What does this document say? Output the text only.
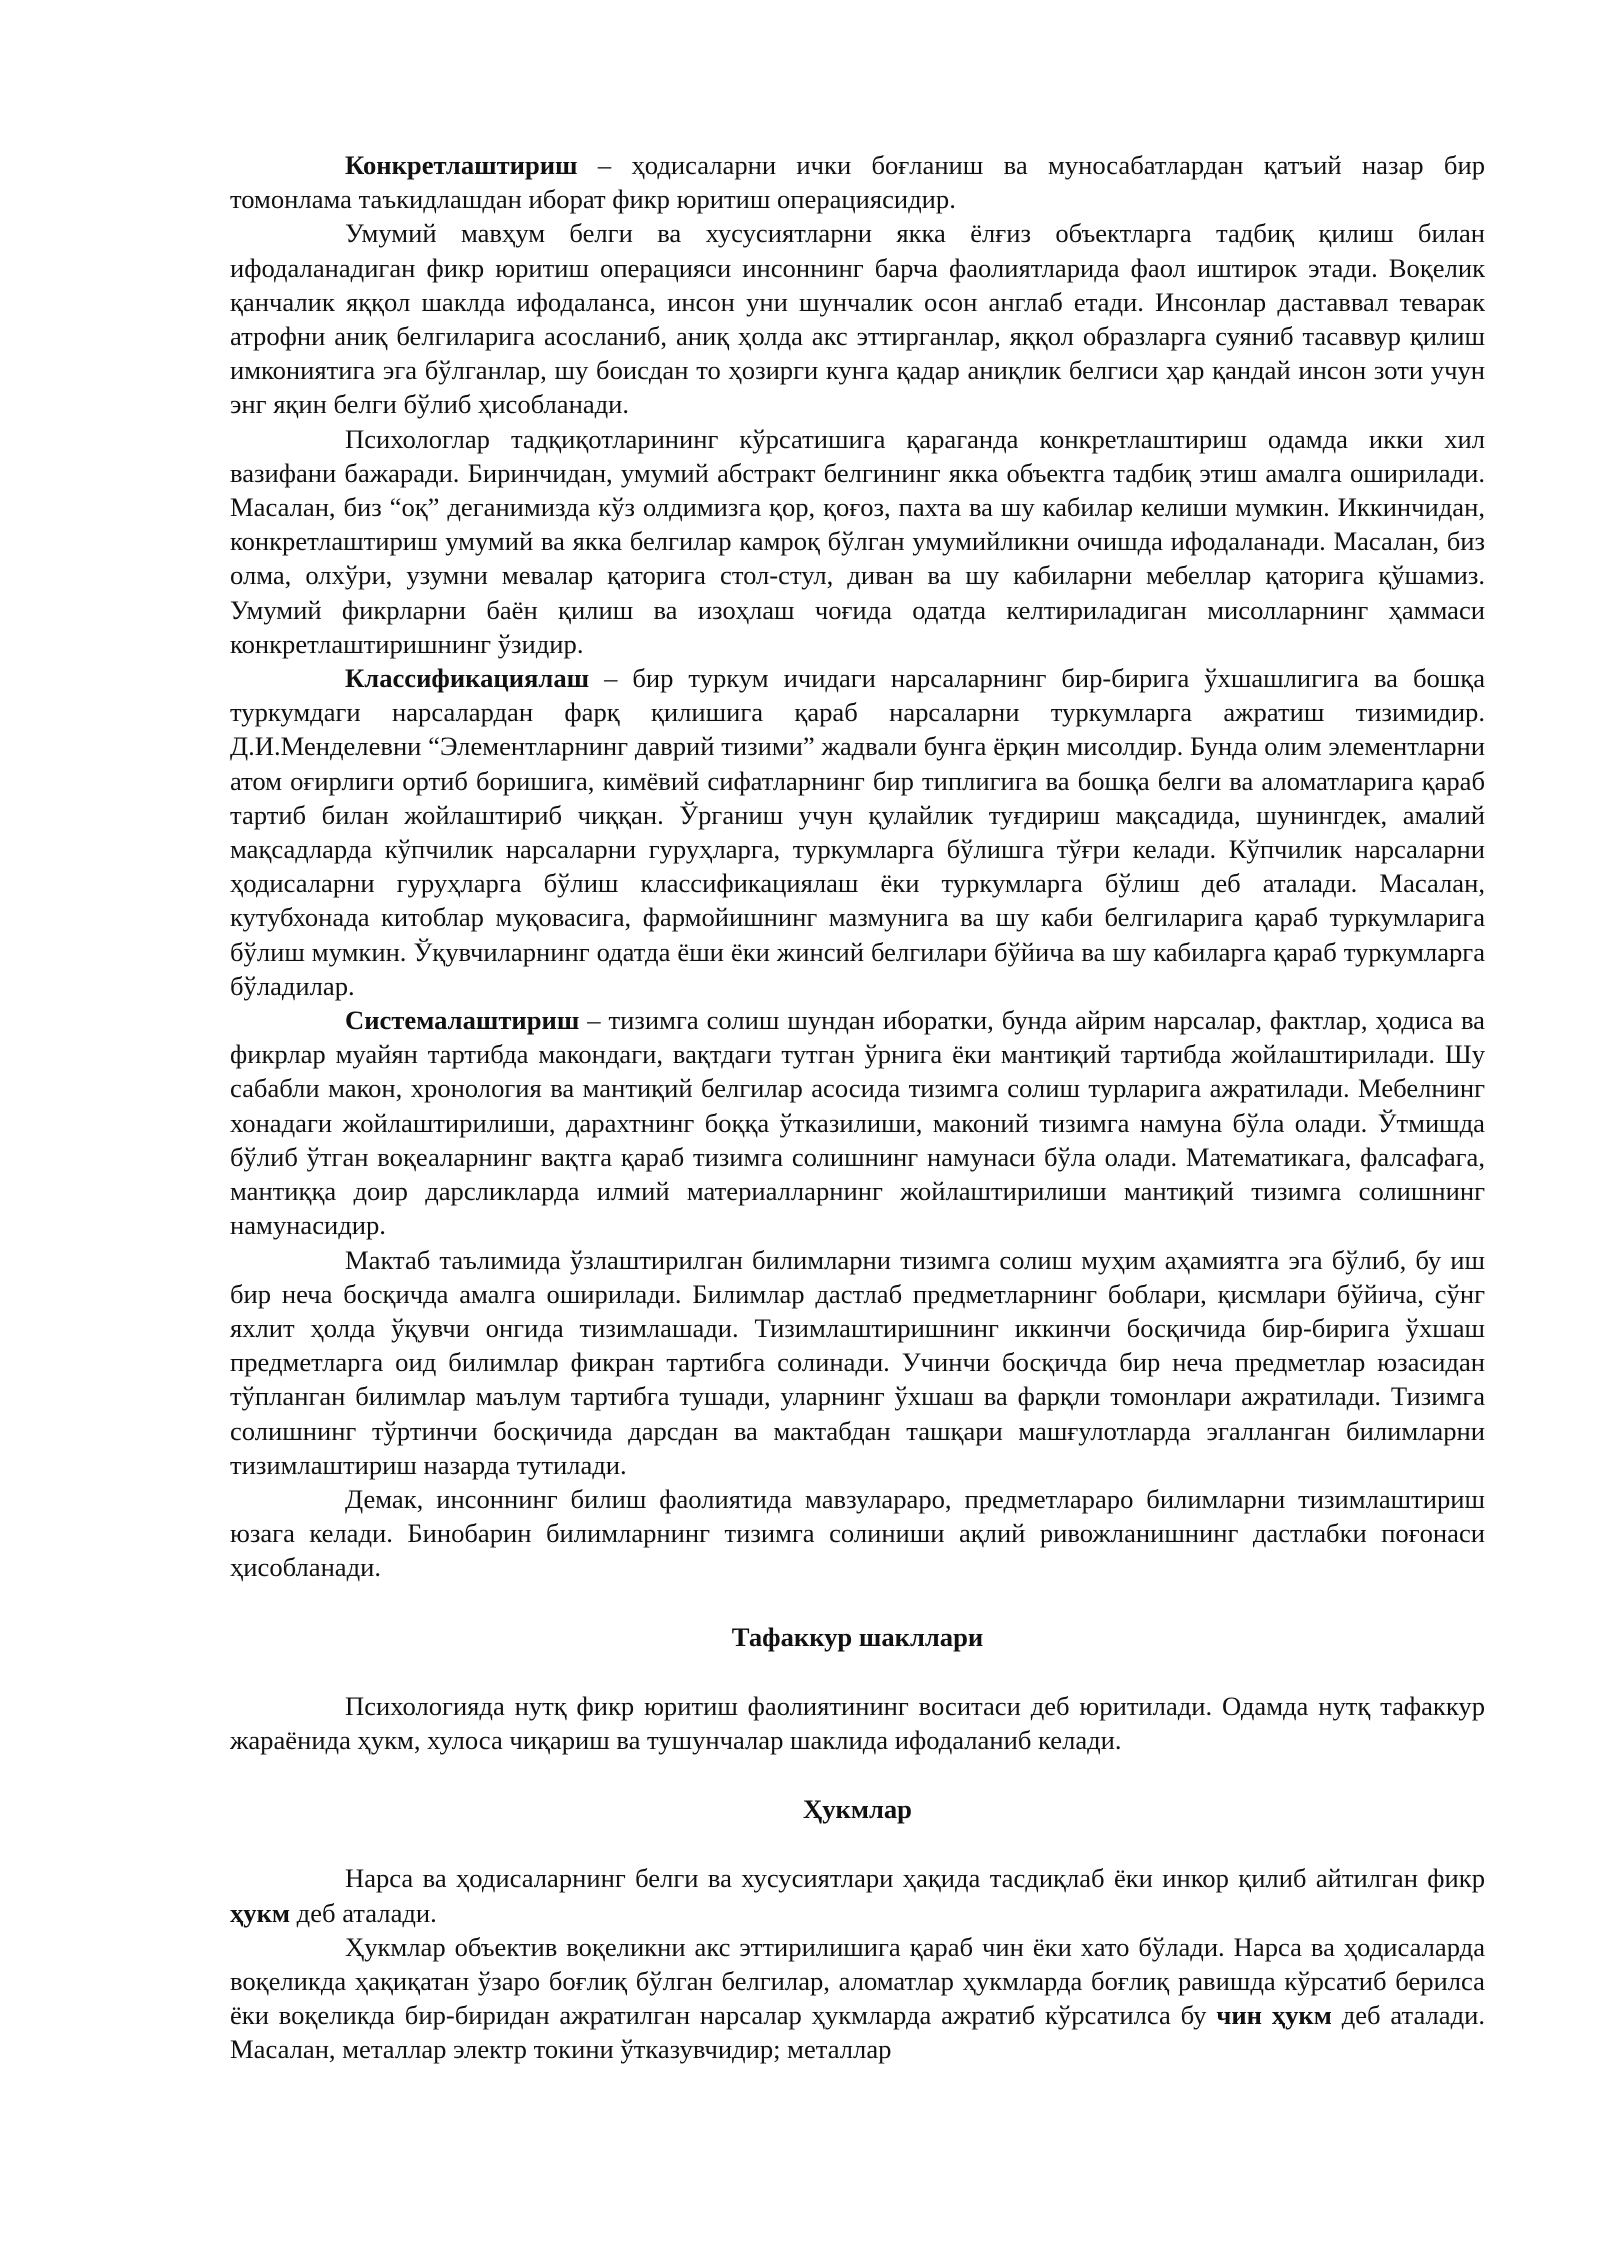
Конкретлаштириш – ҳодисаларни ички боғланиш ва муносабатлардан қатъий назар бир томонлама таъкидлашдан иборат фикр юритиш операциясидир.

Умумий мавҳум белги ва хусусиятларни якка ёлғиз объектларга тадбиқ қилиш билан ифодаланадиган фикр юритиш операцияси инсоннинг барча фаолиятларида фаол иштирок этади. Воқелик қанчалик яққол шаклда ифодаланса, инсон уни шунчалик осон англаб етади. Инсонлар даставвал теварак атрофни аниқ белгиларига асосланиб, аниқ ҳолда акс эттирганлар, яққол образларга суяниб тасаввур қилиш имкониятига эга бўлганлар, шу боисдан то ҳозирги кунга қадар аниқлик белгиси ҳар қандай инсон зоти учун энг яқин белги бўлиб ҳисобланади.

Психологлар тадқиқотларининг кўрсатишига қараганда конкретлаштириш одамда икки хил вазифани бажаради. Биринчидан, умумий абстракт белгининг якка объектга тадбиқ этиш амалга оширилади. Масалан, биз “оқ” деганимизда кўз олдимизга қор, қоғоз, пахта ва шу кабилар келиши мумкин. Иккинчидан, конкретлаштириш умумий ва якка белгилар камроқ бўлган умумийликни очишда ифодаланади. Масалан, биз олма, олхўри, узумни мевалар қаторига стол-стул, диван ва шу кабиларни мебеллар қаторига қўшамиз. Умумий фикрларни баён қилиш ва изоҳлаш чоғида одатда келтириладиган мисолларнинг ҳаммаси конкретлаштиришнинг ўзидир.

Классификациялаш – бир туркум ичидаги нарсаларнинг бир-бирига ўхшашлигига ва бошқа туркумдаги нарсалардан фарқ қилишига қараб нарсаларни туркумларга ажратиш тизимидир. Д.И.Менделевни “Элементларнинг даврий тизими” жадвали бунга ёрқин мисолдир. Бунда олим элементларни атом оғирлиги ортиб боришига, кимёвий сифатларнинг бир типлигига ва бошқа белги ва аломатларига қараб тартиб билан жойлаштириб чиққан. Ўрганиш учун қулайлик туғдириш мақсадида, шунингдек, амалий мақсадларда кўпчилик нарсаларни гуруҳларга, туркумларга бўлишга тўғри келади. Кўпчилик нарсаларни ҳодисаларни гуруҳларга бўлиш классификациялаш ёки туркумларга бўлиш деб аталади. Масалан, кутубхонада китоблар муқовасига, фармойишнинг мазмунига ва шу каби белгиларига қараб туркумларига бўлиш мумкин. Ўқувчиларнинг одатда ёши ёки жинсий белгилари бўйича ва шу кабиларга қараб туркумларга бўладилар.

Системалаштириш – тизимга солиш шундан иборатки, бунда айрим нарсалар, фактлар, ҳодиса ва фикрлар муайян тартибда макондаги, вақтдаги тутган ўрнига ёки мантиқий тартибда жойлаштирилади. Шу сабабли макон, хронология ва мантиқий белгилар асосида тизимга солиш турларига ажратилади. Мебелнинг хонадаги жойлаштирилиши, дарахтнинг боққа ўтказилиши, маконий тизимга намуна бўла олади. Ўтмишда бўлиб ўтган воқеаларнинг вақтга қараб тизимга солишнинг намунаси бўла олади. Математикага, фалсафага, мантиққа доир дарсликларда илмий материалларнинг жойлаштирилиши мантиқий тизимга солишнинг намунасидир.

Мактаб таълимида ўзлаштирилган билимларни тизимга солиш муҳим аҳамиятга эга бўлиб, бу иш бир неча босқичда амалга оширилади. Билимлар дастлаб предметларнинг боблари, қисмлари бўйича, сўнг яхлит ҳолда ўқувчи онгида тизимлашади. Тизимлаштиришнинг иккинчи босқичида бир-бирига ўхшаш предметларга оид билимлар фикран тартибга солинади. Учинчи босқичда бир неча предметлар юзасидан тўпланган билимлар маълум тартибга тушади, уларнинг ўхшаш ва фарқли томонлари ажратилади. Тизимга солишнинг тўртинчи босқичида дарсдан ва мактабдан ташқари машғулотларда эгалланган билимларни тизимлаштириш назарда тутилади.

Демак, инсоннинг билиш фаолиятида мавзулараро, предметлараро билимларни тизимлаштириш юзага келади. Бинобарин билимларнинг тизимга солиниши ақлий ривожланишнинг дастлабки поғонаси ҳисобланади.

Тафаккур шакллари

Психологияда нутқ фикр юритиш фаолиятининг воситаси деб юритилади. Одамда нутқ тафаккур жараёнида ҳукм, хулоса чиқариш ва тушунчалар шаклида ифодаланиб келади.

Ҳукмлар

Нарса ва ҳодисаларнинг белги ва хусусиятлари ҳақида тасдиқлаб ёки инкор қилиб айтилган фикр ҳукм деб аталади.

Ҳукмлар объектив воқеликни акс эттирилишига қараб чин ёки хато бўлади. Нарса ва ҳодисаларда воқеликда ҳақиқатан ўзаро боғлиқ бўлган белгилар, аломатлар ҳукмларда боғлиқ равишда кўрсатиб берилса ёки воқеликда бир-биридан ажратилган нарсалар ҳукмларда ажратиб кўрсатилса бу чин ҳукм деб аталади. Масалан, металлар электр токини ўтказувчидир; металлар
